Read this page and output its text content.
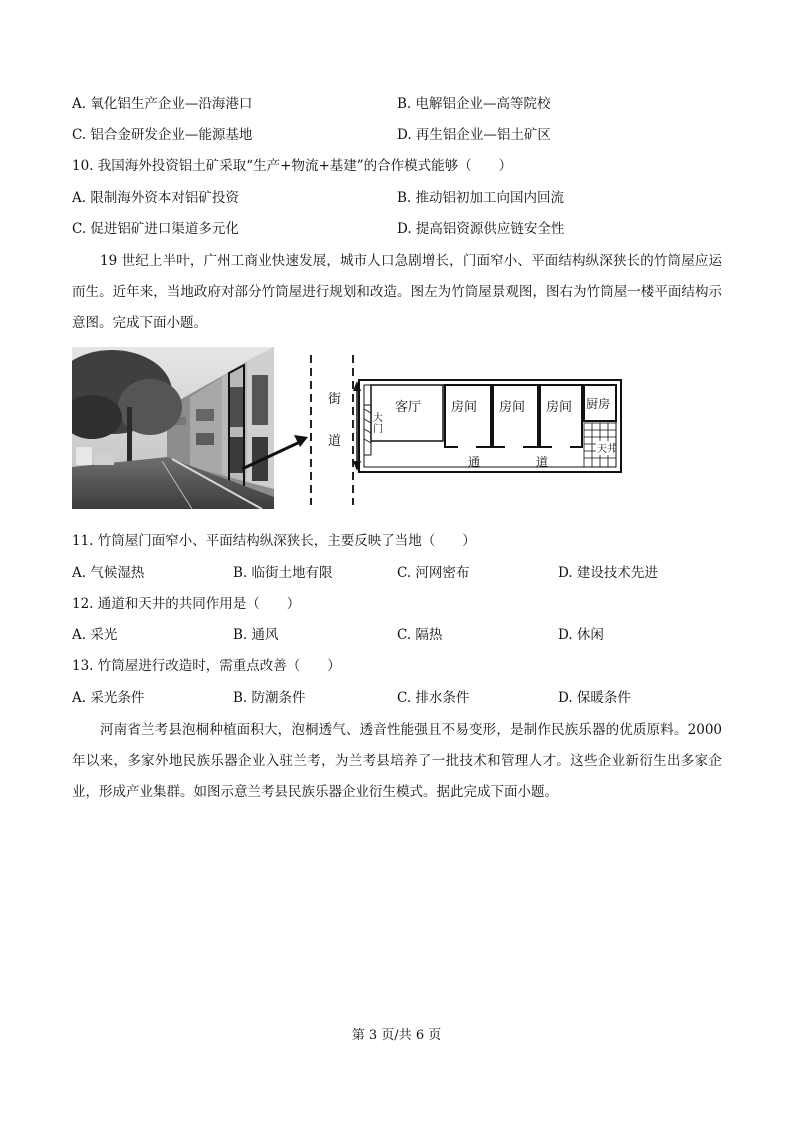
A. 氧化铝生产企业—沿海港口	B. 电解铝企业—高等院校
C. 铝合金研发企业—能源基地	D. 再生铝企业—铝土矿区
10. 我国海外投资铝土矿采取“生产+物流+基建”的合作模式能够（　　）
A. 限制海外资本对铝矿投资	B. 推动铝初加工向国内回流
C. 促进铝矿进口渠道多元化	D. 提高铝资源供应链安全性
19 世纪上半叶，广州工商业快速发展，城市人口急剧增长，门面窄小、平面结构纵深狭长的竹筒屋应运而生。近年来，当地政府对部分竹筒屋进行规划和改造。图左为竹筒屋景观图，图右为竹筒屋一楼平面结构示意图。完成下面小题。
街
道
客厅 房间 房间 房间 厨房
大门
天井
通	道
11. 竹筒屋门面窄小、平面结构纵深狭长，主要反映了当地（　　）
A. 气候湿热	B. 临街土地有限	C. 河网密布	D. 建设技术先进
12. 通道和天井的共同作用是（　　）
A. 采光	B. 通风	C. 隔热	D. 休闲
13. 竹筒屋进行改造时，需重点改善（　　）
A. 采光条件	B. 防潮条件	C. 排水条件	D. 保暖条件
河南省兰考县泡桐种植面积大，泡桐透气、透音性能强且不易变形，是制作民族乐器的优质原料。2000年以来，多家外地民族乐器企业入驻兰考，为兰考县培养了一批技术和管理人才。这些企业新衍生出多家企业，形成产业集群。如图示意兰考县民族乐器企业衍生模式。据此完成下面小题。
第 3 页/共 6 页
